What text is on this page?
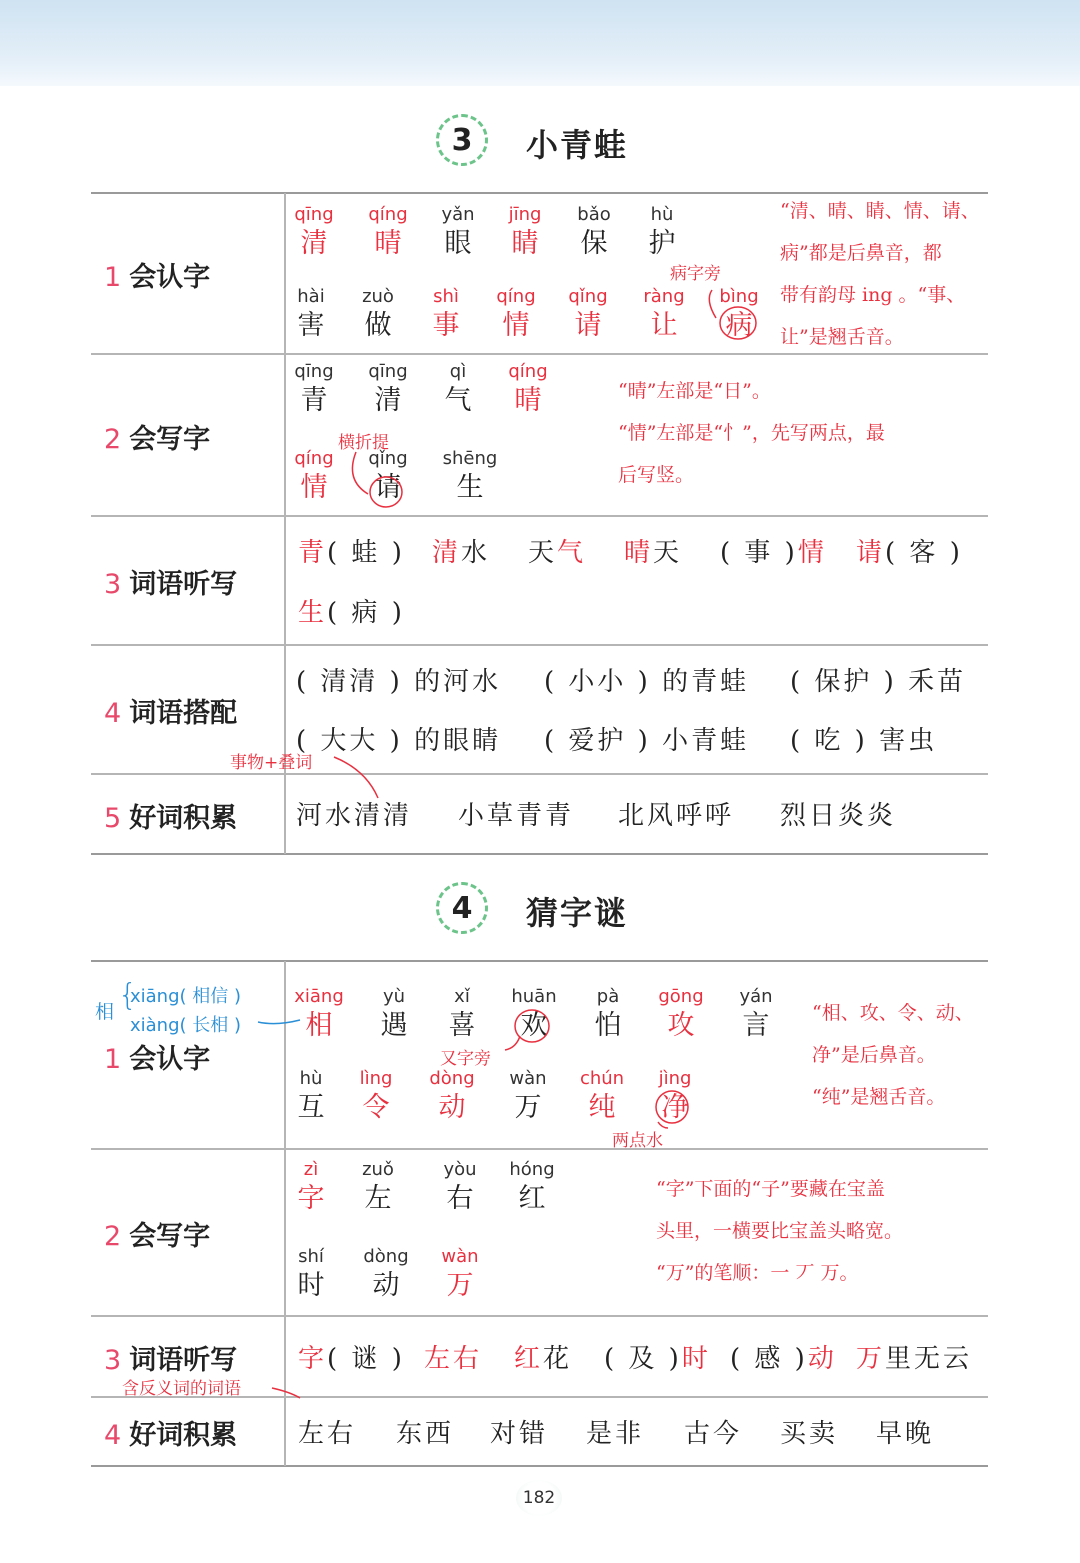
3	小青蛙
1 会认字
2 会写字
3 词语听写
4 词语搭配
5 好词积累
qīng
清
qíng
晴
yǎn
眼
jīng
睛
bǎo
保
hù
护
hài
害
zuò
做
shì
事
qíng
情
qǐng
请
ràng
让
bìng
病
病字旁
“清、晴、睛、情、请、
病”都是后鼻音，都
带有韵母 ing 。“事、
让”是翘舌音。
qīng
青
qīng
清
qì
气
qíng
晴
qíng
情
qǐng
请
shēng
生
横折提
“晴”左部是“日”。
“情”左部是“忄”，先写两点，最
后写竖。
青( 蛙 ) 清水 天气 晴天 ( 事 )情 请( 客 )
生( 病 )
( 清清 ) 的河水 ( 小小 ) 的青蛙 ( 保护 ) 禾苗
( 大大 ) 的眼睛 ( 爱护 ) 小青蛙 ( 吃 ) 害虫
事物+叠词
河水清清 小草青青 北风呼呼 烈日炎炎
4	猜字谜
1 会认字
2 会写字
3 词语听写
4 好词积累
相 {
xiāng( 相信 )
xiàng( 长相 )
xiāng
相
yù
遇
xǐ
喜
huān
欢
pà
怕
gōng
攻
yán
言
hù
互
lìng
令
dòng
动
wàn
万
chún
纯
jìng
净
又字旁
两点水
“相、攻、令、动、
净”是后鼻音。
“纯”是翘舌音。
zì
字
zuǒ
左
yòu
右
hóng
红
shí
时
dòng
动
wàn
万
“字”下面的“子”要藏在宝盖
头里，一横要比宝盖头略宽。
“万”的笔顺：一 丆 万。
字( 谜 ) 左右 红花 ( 及 )时 ( 感 )动 万里无云
含反义词的词语
左右 东西 对错 是非 古今 买卖 早晚
182
